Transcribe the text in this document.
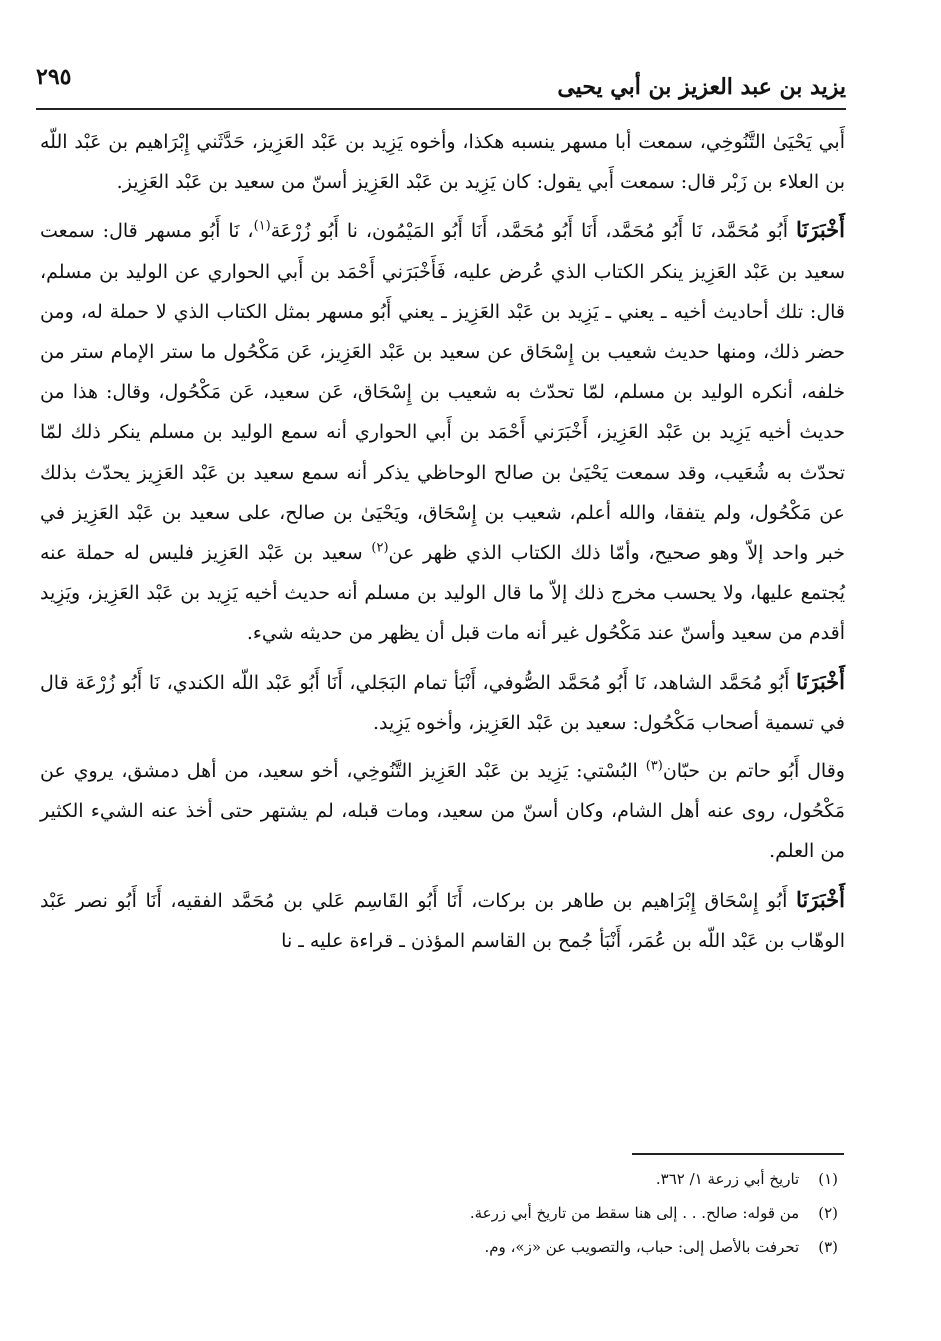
يزيد بن عبد العزيز بن أبي يحيى
٢٩٥

أَبي يَحْيَىٰ التَّنُوخِي، سمعت أبا مسهر ينسبه هكذا، وأخوه يَزِيد بن عَبْد العَزِيز، حَدَّثَني إِبْرَاهيم بن عَبْد اللّه بن العلاء بن زَبْر قال: سمعت أَبي يقول: كان يَزِيد بن عَبْد العَزِيز أسنّ من سعيد بن عَبْد العَزِيز.

أَخْبَرَنَا أَبُو مُحَمَّد، نَا أَبُو مُحَمَّد، أَنَا أَبُو مُحَمَّد، أَنَا أَبُو المَيْمُون، نا أَبُو زُرْعَة$^{(١)}$، نَا أَبُو مسهر قال: سمعت سعيد بن عَبْد العَزِيز ينكر الكتاب الذي عُرض عليه، فَأَخْبَرَني أَحْمَد بن أَبي الحواري عن الوليد بن مسلم، قال: تلك أحاديث أخيه ـ يعني ـ يَزِيد بن عَبْد العَزِيز ـ يعني أَبُو مسهر بمثل الكتاب الذي لا حملة له، ومن حضر ذلك، ومنها حديث شعيب بن إِسْحَاق عن سعيد بن عَبْد العَزِيز، عَن مَكْحُول ما ستر الإمام ستر من خلفه، أنكره الوليد بن مسلم، لمّا تحدّث به شعيب بن إِسْحَاق، عَن سعيد، عَن مَكْحُول، وقال: هذا من حديث أخيه يَزِيد بن عَبْد العَزِيز، أَخْبَرَني أَحْمَد بن أَبي الحواري أنه سمع الوليد بن مسلم ينكر ذلك لمّا تحدّث به شُعَيب، وقد سمعت يَحْيَىٰ بن صالح الوحاظي يذكر أنه سمع سعيد بن عَبْد العَزِيز يحدّث بذلك عن مَكْحُول، ولم يتفقا، والله أعلم، شعيب بن إِسْحَاق، ويَحْيَىٰ بن صالح، على سعيد بن عَبْد العَزِيز في خبر واحد إلاّ وهو صحيح، وأمّا ذلك الكتاب الذي ظهر عن$^{(٢)}$ سعيد بن عَبْد العَزِيز فليس له حملة عنه يُجتمع عليها، ولا يحسب مخرج ذلك إلاّ ما قال الوليد بن مسلم أنه حديث أخيه يَزِيد بن عَبْد العَزِيز، ويَزِيد أقدم من سعيد وأسنّ عند مَكْحُول غير أنه مات قبل أن يظهر من حديثه شيء.

أَخْبَرَنَا أَبُو مُحَمَّد الشاهد، نَا أَبُو مُحَمَّد الصُّوفي، أَنْبَأ تمام البَجَلي، أَنَا أَبُو عَبْد اللّه الكندي، نَا أَبُو زُرْعَة قال في تسمية أصحاب مَكْحُول: سعيد بن عَبْد العَزِيز، وأخوه يَزِيد.

وقال أَبُو حاتم بن حبّان$^{(٣)}$ البُسْتي: يَزِيد بن عَبْد العَزِيز التَّنُوخِي، أخو سعيد، من أهل دمشق، يروي عن مَكْحُول، روى عنه أهل الشام، وكان أسنّ من سعيد، ومات قبله، لم يشتهر حتى أخذ عنه الشيء الكثير من العلم.

أَخْبَرَنَا أَبُو إِسْحَاق إِبْرَاهيم بن طاهر بن بركات، أَنَا أَبُو القَاسِم عَلي بن مُحَمَّد الفقيه، أَنَا أَبُو نصر عَبْد الوهّاب بن عَبْد اللّه بن عُمَر، أَنْبَأ جُمح بن القاسم المؤذن ـ قراءة عليه ـ نا

(١) تاريخ أبي زرعة ١/ ٣٦٢.

(٢) من قوله: صالح. . . إلى هنا سقط من تاريخ أبي زرعة.

(٣) تحرفت بالأصل إلى: حباب، والتصويب عن «ز»، وم.
